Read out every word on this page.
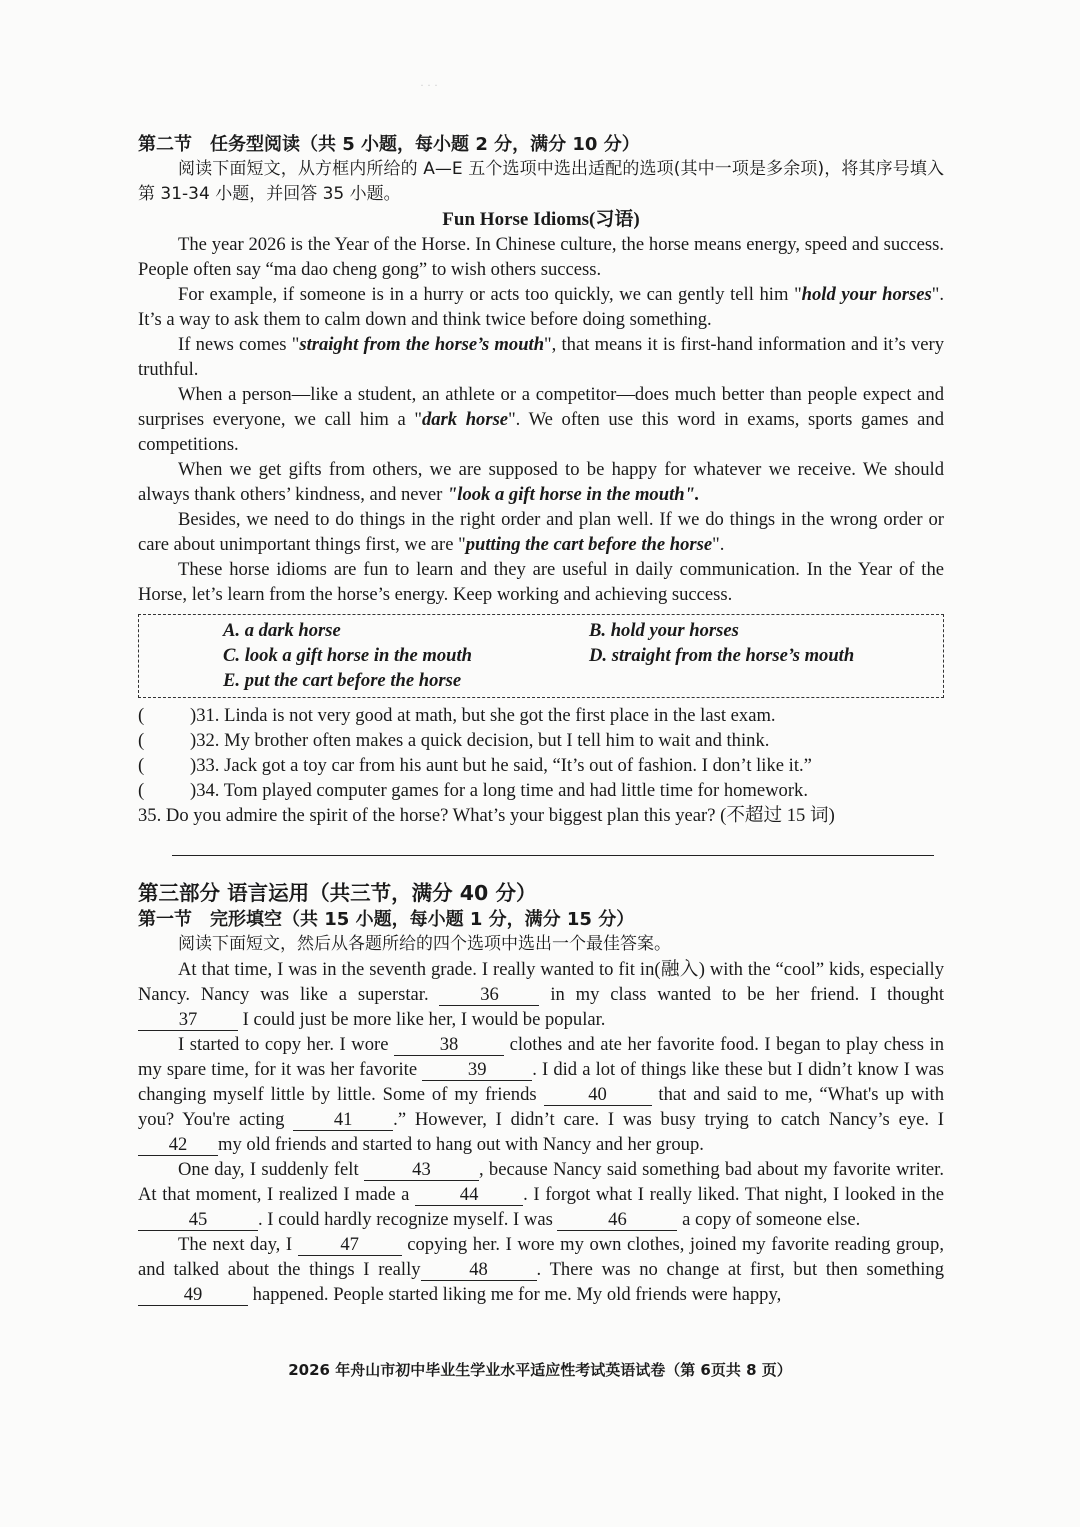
· · ·
第二节　任务型阅读（共 5 小题，每小题 2 分，满分 10 分）

阅读下面短文，从方框内所给的 A—E 五个选项中选出适配的选项(其中一项是多余项)，将其序号填入第 31-34 小题，并回答 35 小题。

Fun Horse Idioms(习语)

The year 2026 is the Year of the Horse. In Chinese culture, the horse means energy, speed and success. People often say “ma dao cheng gong” to wish others success.

For example, if someone is in a hurry or acts too quickly, we can gently tell him "hold your horses". It’s a way to ask them to calm down and think twice before doing something.

If news comes "straight from the horse’s mouth", that means it is first-hand information and it’s very truthful.

When a person—like a student, an athlete or a competitor—does much better than people expect and surprises everyone, we call him a "dark horse". We often use this word in exams, sports games and competitions.

When we get gifts from others, we are supposed to be happy for whatever we receive. We should always thank others’ kindness, and never "look a gift horse in the mouth".

Besides, we need to do things in the right order and plan well. If we do things in the wrong order or care about unimportant things first, we are "putting the cart before the horse".

These horse idioms are fun to learn and they are useful in daily communication. In the Year of the Horse, let’s learn from the horse’s energy. Keep working and achieving success.

A. a dark horse	B. hold your horses
C. look a gift horse in the mouth	D. straight from the horse’s mouth
E. put the cart before the horse
(	)31. Linda is not very good at math, but she got the first place in the last exam.
(	)32. My brother often makes a quick decision, but I tell him to wait and think.
(	)33. Jack got a toy car from his aunt but he said, “It’s out of fashion. I don’t like it.”
(	)34. Tom played computer games for a long time and had little time for homework.
35. Do you admire the spirit of the horse? What’s your biggest plan this year? (不超过 15 词)
第三部分 语言运用（共三节，满分 40 分）
第一节　完形填空（共 15 小题，每小题 1 分，满分 15 分）

阅读下面短文，然后从各题所给的四个选项中选出一个最佳答案。

At that time, I was in the seventh grade. I really wanted to fit in(融入) with the “cool” kids, especially Nancy. Nancy was like a superstar. 36 in my class wanted to be her friend. I thought 37 I could just be more like her, I would be popular.

I started to copy her. I wore 38 clothes and ate her favorite food. I began to play chess in my spare time, for it was her favorite 39 . I did a lot of things like these but I didn’t know I was changing myself little by little. Some of my friends 40 that and said to me, “What's up with you? You're acting 41 .” However, I didn’t care. I was busy trying to catch Nancy’s eye. I 42 my old friends and started to hang out with Nancy and her group.

One day, I suddenly felt	43	, because Nancy said something bad about my favorite writer. At that moment, I realized I made a 44 . I forgot what I really liked. That night, I looked in the 45	. I could hardly recognize myself. I was	46	a copy of someone else.

The next day, I 47 copying her. I wore my own clothes, joined my favorite reading group, and talked about the things I really	48	. There was no change at first, but then something 49 happened. People started liking me for me. My old friends were happy,

2026 年舟山市初中毕业生学业水平适应性考试英语试卷（第 6页共 8 页）
